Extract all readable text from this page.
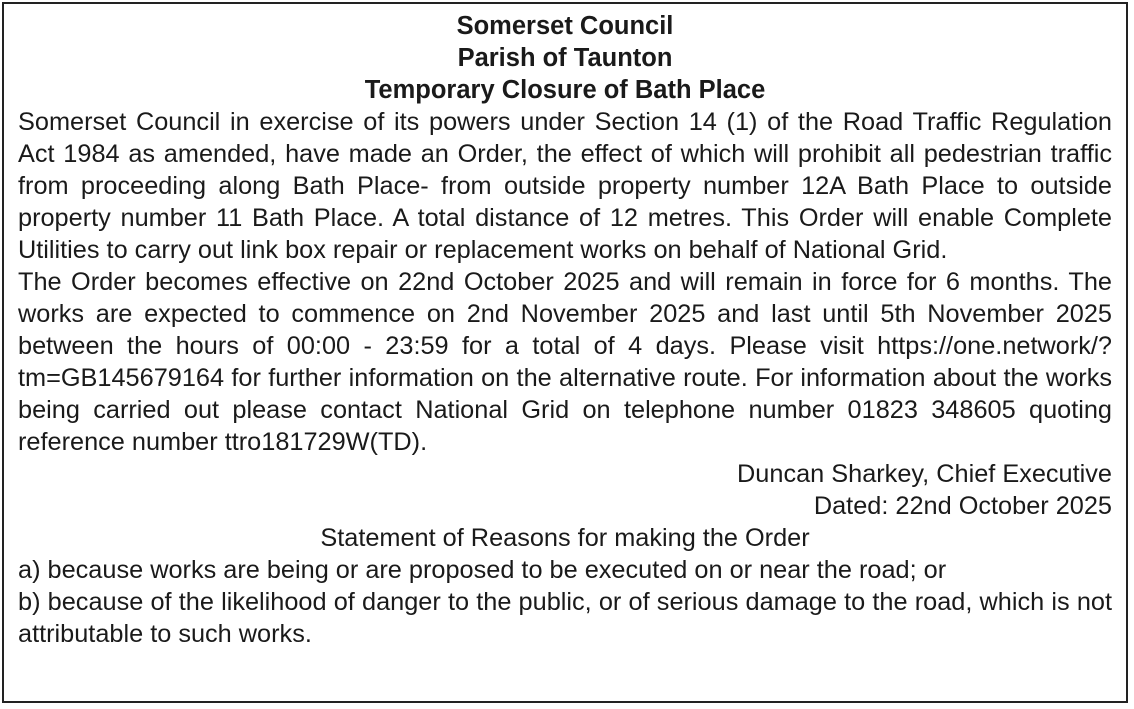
Somerset Council
Parish of Taunton
Temporary Closure of Bath Place

Somerset Council in exercise of its powers under Section 14 (1) of the Road Traffic Regulation Act 1984 as amended, have made an Order, the effect of which will prohibit all pedestrian traffic from proceeding along Bath Place- from outside property number 12A Bath Place to outside property number 11 Bath Place. A total distance of 12 metres. This Order will enable Complete Utilities to carry out link box repair or replacement works on behalf of National Grid.

The Order becomes effective on 22nd October 2025 and will remain in force for 6 months. The works are expected to commence on 2nd November 2025 and last until 5th November 2025 between the hours of 00:00 - 23:59 for a total of 4 days. Please visit https://one.network/?tm=GB145679164 for further information on the alternative route. For information about the works being carried out please contact National Grid on telephone number 01823 348605 quoting reference number ttro181729W(TD).

Duncan Sharkey, Chief Executive
Dated: 22nd October 2025
Statement of Reasons for making the Order
a) because works are being or are proposed to be executed on or near the road; or
b) because of the likelihood of danger to the public, or of serious damage to the road, which is not attributable to such works.
